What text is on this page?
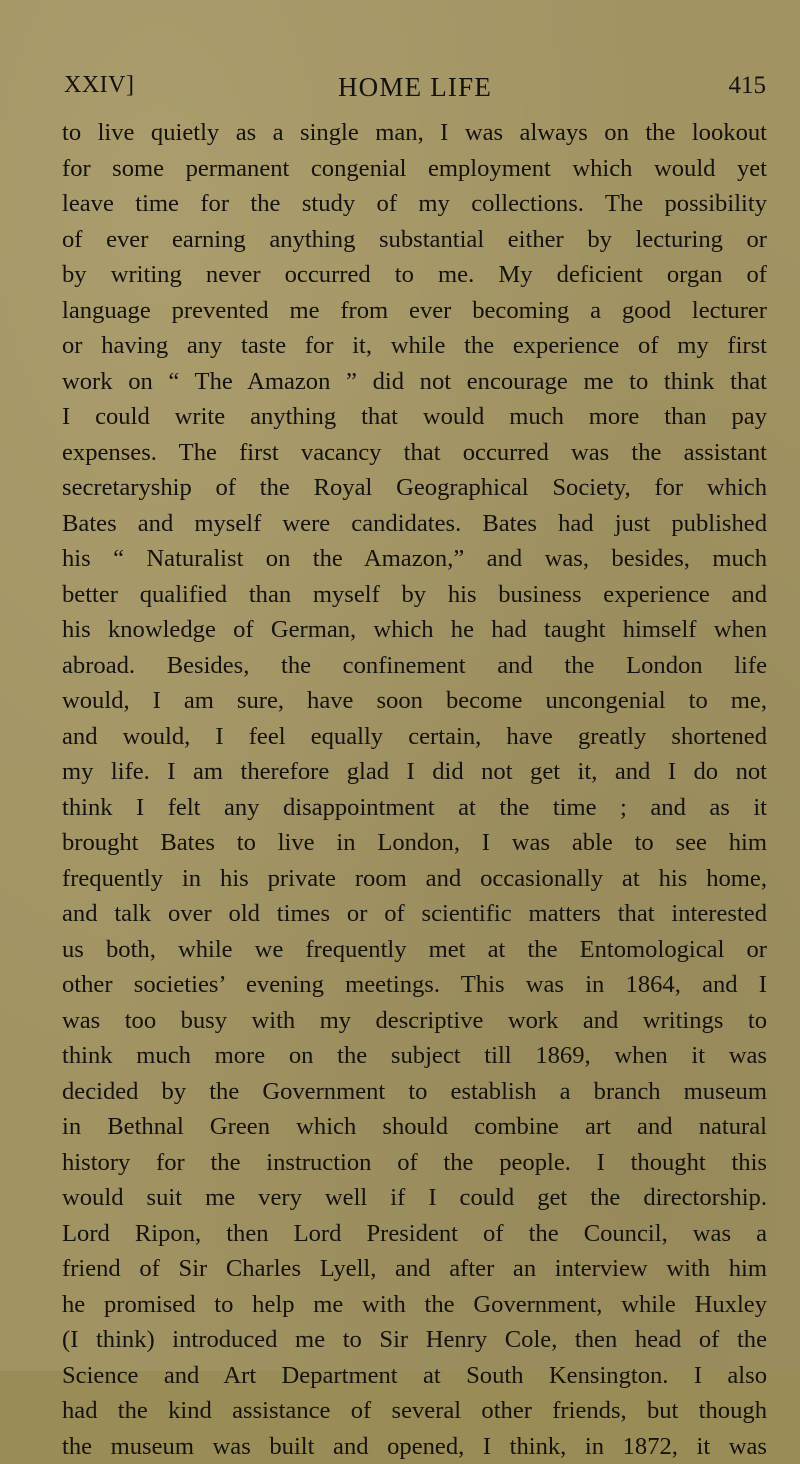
XXIV]	HOME LIFE	415
to live quietly as a single man, I was always on the lookout
for some permanent congenial employment which would yet
leave time for the study of my collections. The possibility
of ever earning anything substantial either by lecturing or
by writing never occurred to me. My deficient organ of
language prevented me from ever becoming a good lecturer
or having any taste for it, while the experience of my first
work on “ The Amazon ” did not encourage me to think that
I could write anything that would much more than pay
expenses. The first vacancy that occurred was the assistant
secretaryship of the Royal Geographical Society, for which
Bates and myself were candidates. Bates had just published
his “ Naturalist on the Amazon,” and was, besides, much
better qualified than myself by his business experience and
his knowledge of German, which he had taught himself when
abroad. Besides, the confinement and the London life
would, I am sure, have soon become uncongenial to me,
and would, I feel equally certain, have greatly shortened
my life. I am therefore glad I did not get it, and I do not
think I felt any disappointment at the time ; and as it
brought Bates to live in London, I was able to see him
frequently in his private room and occasionally at his home,
and talk over old times or of scientific matters that interested
us both, while we frequently met at the Entomological or
other societies’ evening meetings. This was in 1864, and I
was too busy with my descriptive work and writings to
think much more on the subject till 1869, when it was
decided by the Government to establish a branch museum
in Bethnal Green which should combine art and natural
history for the instruction of the people. I thought this
would suit me very well if I could get the directorship.
Lord Ripon, then Lord President of the Council, was a
friend of Sir Charles Lyell, and after an interview with him
he promised to help me with the Government, while Huxley
(I think) introduced me to Sir Henry Cole, then head of the
Science and Art Department at South Kensington. I also
had the kind assistance of several other friends, but though
the museum was built and opened, I think, in 1872, it was
